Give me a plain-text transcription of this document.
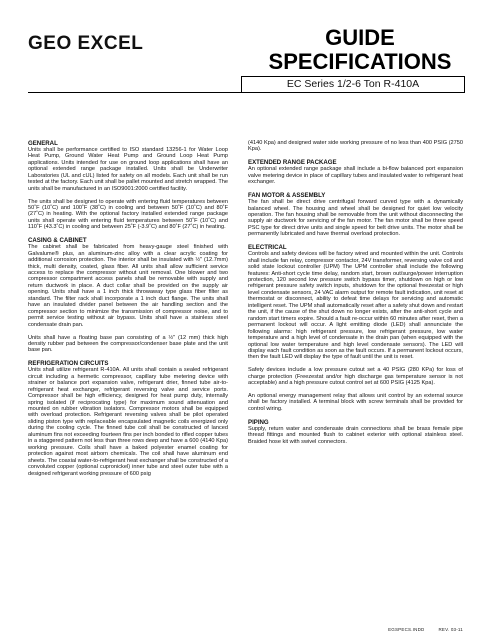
GEO EXCEL	GUIDE
SPECIFICATIONS
EC Series 1/2-6 Ton R-410A
GENERAL

Units shall be performance certified to ISO standard 13256-1 for Water Loop Heat Pump, Ground Water Heat Pump and Ground Loop Heat Pump applications. Units intended for use on ground loop applications shall have an optional extended range package installed. Units shall be Underwriter Laboratories (UL and cUL) listed for safety on all models. Each unit shall be run tested at the factory. Each unit shall be pallet mounted and stretch wrapped. The units shall be manufactured in an ISO9001:2000 certified facility.

The units shall be designed to operate with entering fluid temperatures between 50˚F (10˚C) and 100˚F (38˚C) in cooling and between 50˚F (10˚C) and 80˚F (27˚C) in heating. With the optional factory installed extended range package units shall operate with entering fluid temperatures between 50˚F (10˚C) and 110˚F (43.3˚C) in cooling and between 25˚F (-3.9˚C) and 80˚F (27˚C) in heating.

CASING & CABINET

The cabinet shall be fabricated from heavy-gauge steel finished with Galvalume® plus, an aluminum-zinc alloy with a clear acrylic coating for additional corrosion protection. The interior shall be insulated with ½" (12.7mm) thick, multi density, coated, glass fiber. All units shall allow sufficient service access to replace the compressor without unit removal. One blower and two compressor compartment access panels shall be removable with supply and return ductwork in place. A duct collar shall be provided on the supply air opening. Units shall have a 1 inch thick throwaway type glass fiber filter as standard. The filter rack shall incorporate a 1 inch duct flange. The units shall have an insulated divider panel between the air handling section and the compressor section to minimize the transmission of compressor noise, and to permit service testing without air bypass. Units shall have a stainless steel condensate drain pan.

Units shall have a floating base pan consisting of a ½" (12 mm) thick high density rubber pad between the compressor/condenser base plate and the unit base pan.

REFRIGERATION CIRCUITS

Units shall utilize refrigerant R-410A. All units shall contain a sealed refrigerant circuit including a hermetic compressor, capillary tube metering device with strainer or balance port expansion valve, refrigerant drier, finned tube air-to-refrigerant heat exchanger, refrigerant reversing valve and service ports. Compressor shall be high efficiency, designed for heat pump duty, internally spring isolated (if reciprocating type) for maximum sound attenuation and mounted on rubber vibration isolators. Compressor motors shall be equipped with overload protection. Refrigerant reversing valves shall be pilot operated sliding piston type with replaceable encapsulated magnetic coils energized only during the cooling cycle. The finned tube coil shall be constructed of lanced aluminum fins not exceeding fourteen fins per inch bonded to rifled copper tubes in a staggered pattern not less than three rows deep and have a 600 (4140 Kpa) working pressure. Coils shall have a baked polyester enamel coating for protection against most airborn chemicals. The coil shall have aluminum end sheets. The coaxial water-to-refrigerant heat exchanger shall be constructed of a convoluted copper (optional cupronickel) inner tube and steel outer tube with a designed refrigerant working pressure of 600 psig

(4140 Kpa) and designed water side working pressure of no less than 400 PSIG (2750 Kpa).

EXTENDED RANGE PACKAGE

An optional extended range package shall include a bi-flow balanced port expansion valve metering device in place of capillary tubes and insulated water to refrigerant heat exchanger.

FAN MOTOR & ASSEMBLY

The fan shall be direct drive centrifugal forward curved type with a dynamically balanced wheel. The housing and wheel shall be designed for quiet low velocity operation. The fan housing shall be removable from the unit without disconnecting the supply air ductwork for servicing of the fan motor. The fan motor shall be three speed PSC type for direct drive units and single speed for belt drive units. The motor shall be permanently lubricated and have thermal overload protection.

ELECTRICAL

Controls and safety devices will be factory wired and mounted within the unit. Controls shall include fan relay, compressor contactor, 24V transformer, reversing valve coil and solid state lockout controller (UPM) The UPM controller shall include the following features: Anti-short cycle time delay, random start, brown out/surge/power interruption protection, 120 second low pressure switch bypass timer, shutdown on high or low refrigerant pressure safety switch inputs, shutdown for the optional freezestat or high level condensate sensors, 24 VAC alarm output for remote fault indication, unit reset at thermostat or disconnect, ability to defeat time delays for servicing and automatic intelligent reset. The UPM shall automatically reset after a safety shut down and restart the unit, if the cause of the shut down no longer exists, after the anti-short cycle and random start timers expire. Should a fault re-occur within 60 minutes after reset, then a permanent lockout will occur. A light emitting diode (LED) shall annunciate the following alarms: high refrigerant pressure, low refrigerant pressure, low water temperature and a high level of condensate in the drain pan (when equipped with the optional low water temperature and high level condensate sensors). The LED will display each fault condition as soon as the fault occurs. If a permanent lockout occurs, then the fault LED will display the type of fault until the unit is reset.

Safety devices include a low pressure cutout set a 40 PSIG (280 KPa) for loss of charge protection (Freezestat and/or high discharge gas temperature sensor is not acceptable) and a high pressure cutout control set at 600 PSIG (4125 Kpa).

An optional energy management relay that allows unit control by an external source shall be factory installed. A terminal block with screw terminals shall be provided for control wiring.

PIPING

Supply, return water and condensate drain connections shall be brass female pipe thread fittings and mounted flush to cabinet exterior with optional stainless steel. Braided hose kit with swivel connectors.

EGSPECS.INDD	REV. 03-11
